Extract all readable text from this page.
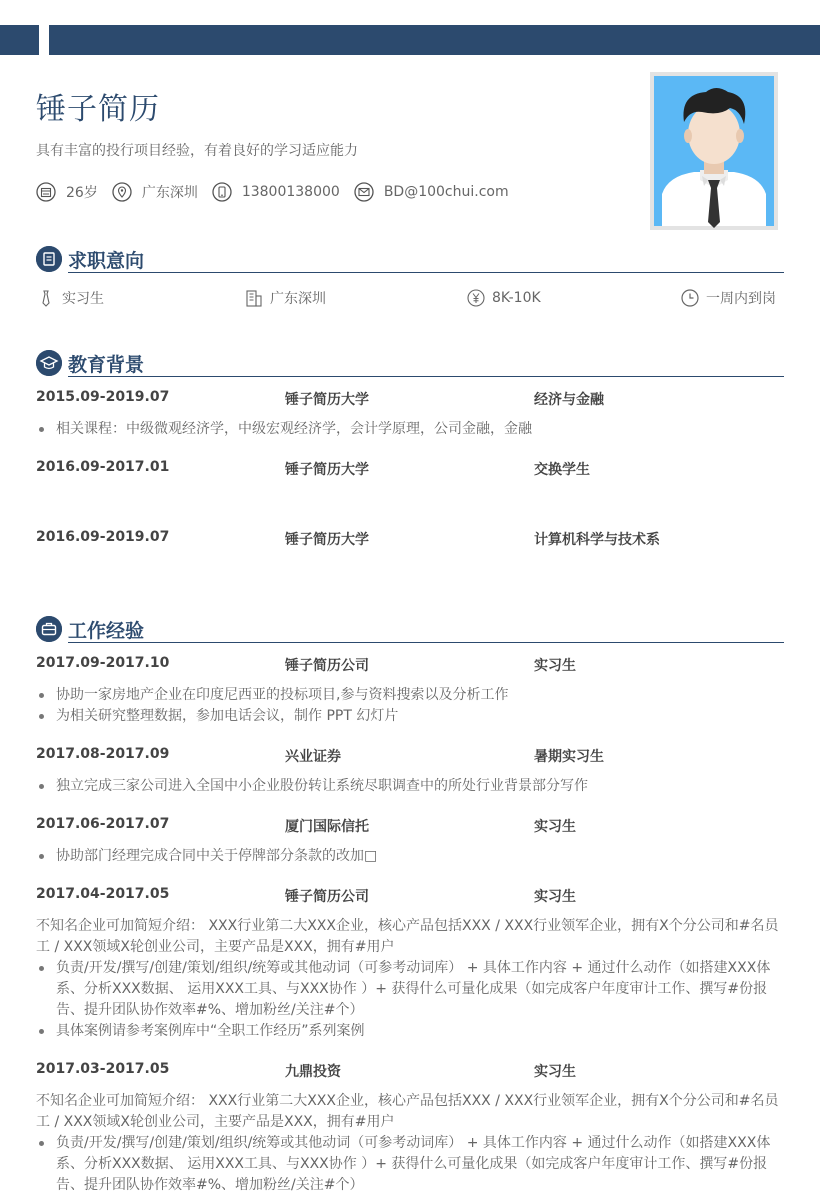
锤子简历
具有丰富的投行项目经验，有着良好的学习适应能力
26岁	广东深圳	13800138000	BD@100chui.com
求职意向
实习生	广东深圳	8K-10K	一周内到岗
教育背景
2015.09-2019.07	锤子简历大学	经济与金融
相关课程：中级微观经济学，中级宏观经济学，会计学原理，公司金融，金融
2016.09-2017.01	锤子简历大学	交换学生
2016.09-2019.07	锤子简历大学	计算机科学与技术系
工作经验
2017.09-2017.10	锤子简历公司	实习生
协助一家房地产企业在印度尼西亚的投标项目,参与资料搜索以及分析工作
为相关研究整理数据，参加电话会议，制作 PPT 幻灯片
2017.08-2017.09	兴业证券	暑期实习生
独立完成三家公司进入全国中小企业股份转让系统尽职调查中的所处行业背景部分写作
2017.06-2017.07	厦门国际信托	实习生
协助部门经理完成合同中关于停牌部分条款的改加□
2017.04-2017.05	锤子简历公司	实习生
不知名企业可加简短介绍： XXX行业第二大XXX企业，核心产品包括XXX / XXX行业领军企业，拥有X个分公司和#名员工 / XXX领域X轮创业公司，主要产品是XXX，拥有#用户
负责/开发/撰写/创建/策划/组织/统筹或其他动词（可参考动词库） + 具体工作内容 + 通过什么动作（如搭建XXX体系、分析XXX数据、 运用XXX工具、与XXX协作 ）+ 获得什么可量化成果（如完成客户年度审计工作、撰写#份报告、提升团队协作效率#%、增加粉丝/关注#个）
具体案例请参考案例库中“全职工作经历”系列案例
2017.03-2017.05	九鼎投资	实习生
不知名企业可加简短介绍： XXX行业第二大XXX企业，核心产品包括XXX / XXX行业领军企业，拥有X个分公司和#名员工 / XXX领域X轮创业公司，主要产品是XXX，拥有#用户
负责/开发/撰写/创建/策划/组织/统筹或其他动词（可参考动词库） + 具体工作内容 + 通过什么动作（如搭建XXX体系、分析XXX数据、 运用XXX工具、与XXX协作 ）+ 获得什么可量化成果（如完成客户年度审计工作、撰写#份报告、提升团队协作效率#%、增加粉丝/关注#个）
